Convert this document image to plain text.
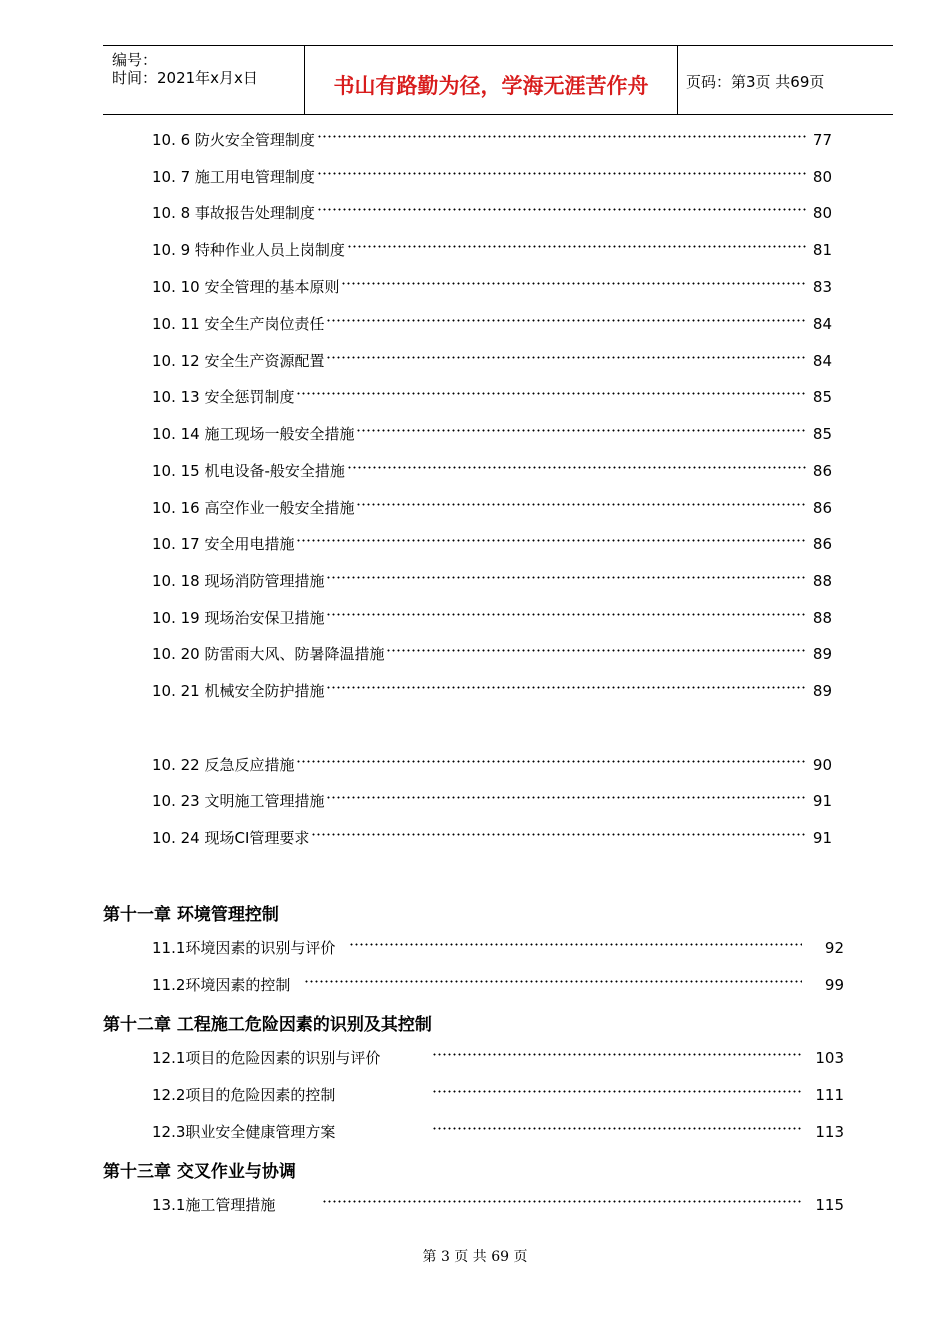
编号：
时间：2021年x月x日	书山有路勤为径，学海无涯苦作舟	页码：第3页 共69页
10. 6 防火安全管理制度	77
10. 7 施工用电管理制度	80
10. 8 事故报告处理制度	80
10. 9 特种作业人员上岗制度	81
10. 10 安全管理的基本原则	83
10. 11 安全生产岗位责任	84
10. 12 安全生产资源配置	84
10. 13 安全惩罚制度	85
10. 14 施工现场一般安全措施	85
10. 15 机电设备-般安全措施	86
10. 16 高空作业一般安全措施	86
10. 17 安全用电措施	86
10. 18 现场消防管理措施	88
10. 19 现场治安保卫措施	88
10. 20 防雷雨大风、防暑降温措施	89
10. 21 机械安全防护措施	89
10. 22 反急反应措施	90
10. 23 文明施工管理措施	91
10. 24 现场CI管理要求	91
第十一章 环境管理控制
11.1环境因素的识别与评价	92
11.2环境因素的控制	99
第十二章 工程施工危险因素的识别及其控制
12.1项目的危险因素的识别与评价	103
12.2项目的危险因素的控制	111
12.3职业安全健康管理方案	113
第十三章 交叉作业与协调
13.1施工管理措施	115
第 3 页 共 69 页
